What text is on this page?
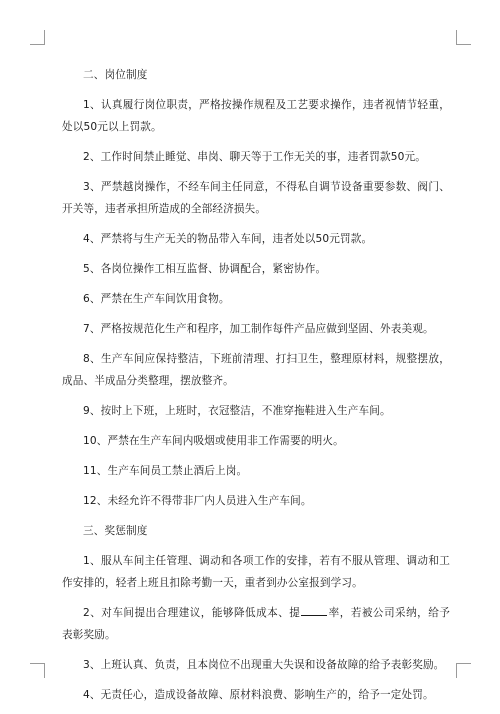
二、岗位制度

1、认真履行岗位职责，严格按操作规程及工艺要求操作，违者视情节轻重，处以50元以上罚款。

2、工作时间禁止睡觉、串岗、聊天等于工作无关的事，违者罚款50元。

3、严禁越岗操作，不经车间主任同意，不得私自调节设备重要参数、阀门、开关等，违者承担所造成的全部经济损失。

4、严禁将与生产无关的物品带入车间，违者处以50元罚款。

5、各岗位操作工相互监督、协调配合，紧密协作。

6、严禁在生产车间饮用食物。

7、严格按规范化生产和程序，加工制作每件产品应做到坚固、外表美观。

8、生产车间应保持整洁，下班前清理、打扫卫生，整理原材料，规整摆放，成品、半成品分类整理，摆放整齐。

9、按时上下班，上班时，衣冠整洁，不准穿拖鞋进入生产车间。

10、严禁在生产车间内吸烟或使用非工作需要的明火。

11、生产车间员工禁止酒后上岗。

12、未经允许不得带非厂内人员进入生产车间。

三、奖惩制度

1、服从车间主任管理、调动和各项工作的安排，若有不服从管理、调动和工作安排的，轻者上班且扣除考勤一天，重者到办公室报到学习。

2、对车间提出合理建议，能够降低成本、提	率，若被公司采纳，给予表彰奖励。

3、上班认真、负责，且本岗位不出现重大失误和设备故障的给予表彰奖励。

4、无责任心，造成设备故障、原材料浪费、影响生产的，给予一定处罚。
